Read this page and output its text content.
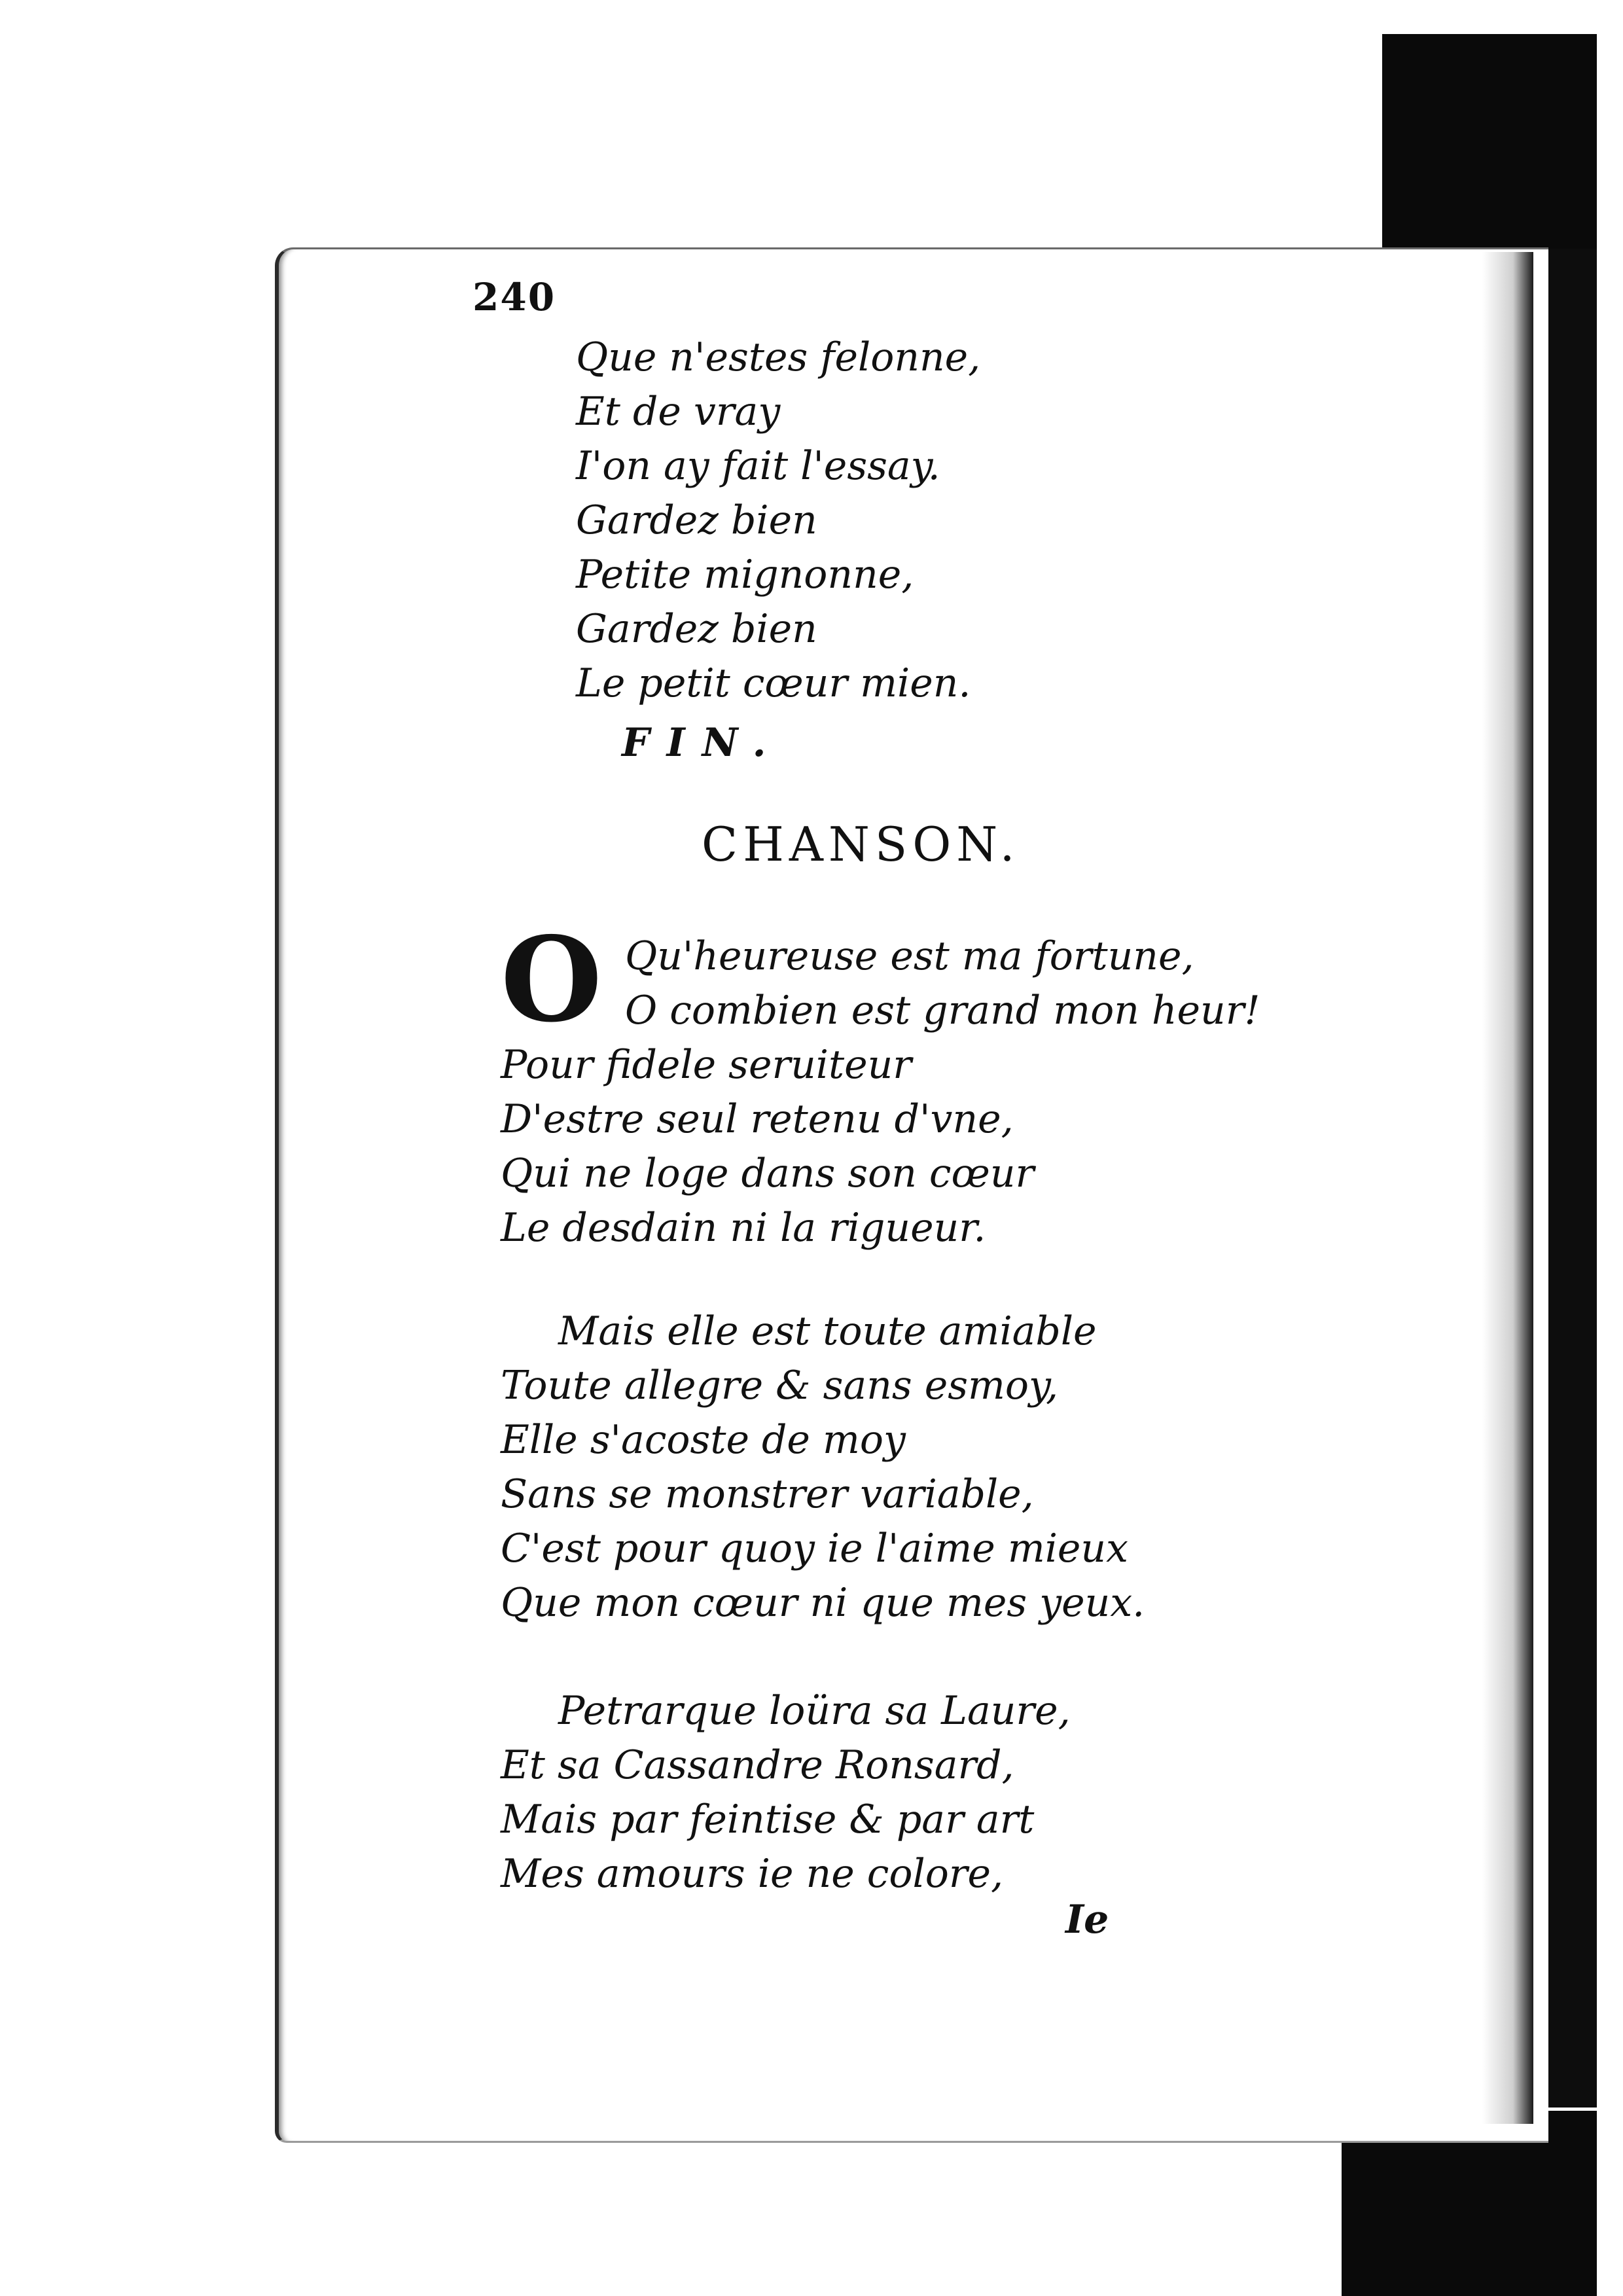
240
Que n'estes felonne,
Et de vray
I'on ay fait l'essay.
Gardez bien
Petite mignonne,
Gardez bien
Le petit cœur mien.
FIN.
CHANSON.
O Qu'heureuse est ma fortune,
O combien est grand mon heur!
Pour fidele seruiteur
D'estre seul retenu d'vne,
Qui ne loge dans son cœur
Le desdain ni la rigueur.
Mais elle est toute amiable
Toute allegre & sans esmoy,
Elle s'acoste de moy
Sans se monstrer variable,
C'est pour quoy ie l'aime mieux
Que mon cœur ni que mes yeux.
Petrarque loüra sa Laure,
Et sa Cassandre Ronsard,
Mais par feintise & par art
Mes amours ie ne colore,
Ie
